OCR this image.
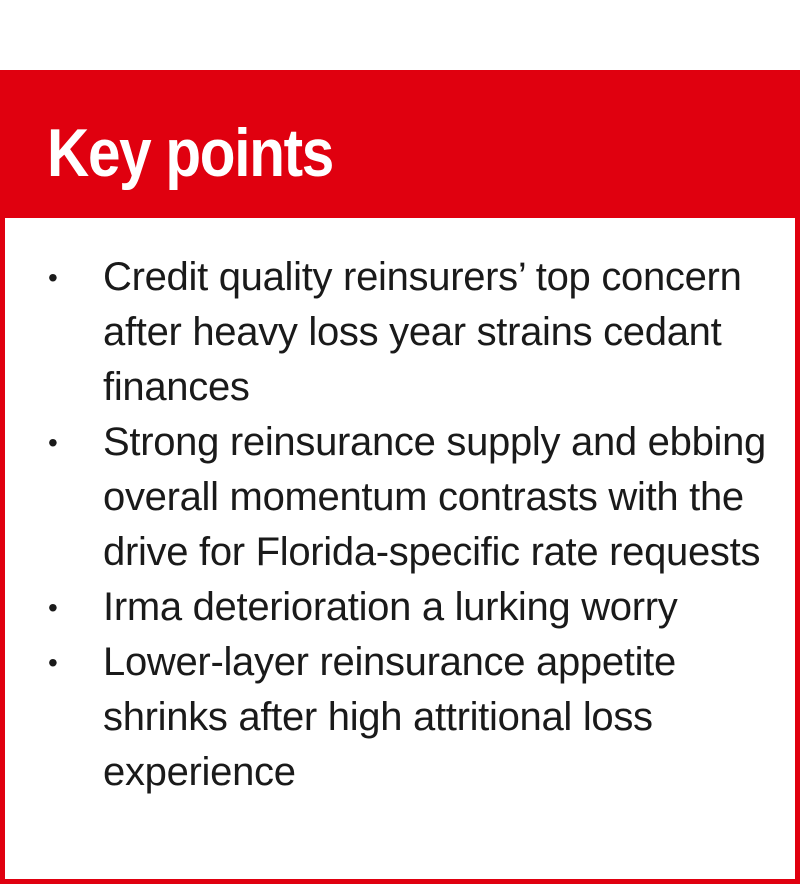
Key points
• Credit quality reinsurers’ top concern after heavy loss year strains cedant finances
• Strong reinsurance supply and ebbing overall momentum contrasts with the drive for Florida-specific rate requests
• Irma deterioration a lurking worry
• Lower-layer reinsurance appetite shrinks after high attritional loss experience
